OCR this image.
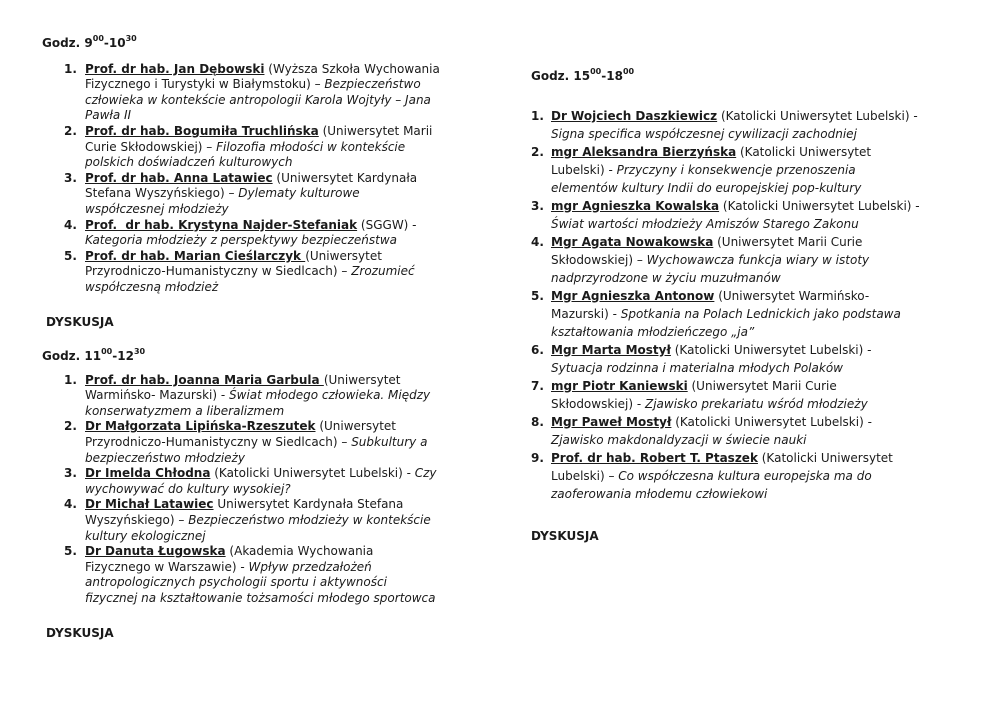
Godz. $9^{00}-10^{30}$

1. Prof. dr hab. Jan Dębowski (Wyższa Szkoła Wychowania Fizycznego i Turystyki w Białymstoku) – Bezpieczeństwo człowieka w kontekście antropologii Karola Wojtyły – Jana Pawła II
2. Prof. dr hab. Bogumiła Truchlińska (Uniwersytet Marii Curie Skłodowskiej) – Filozofia młodości w kontekście polskich doświadczeń kulturowych
3. Prof. dr hab. Anna Latawiec (Uniwersytet Kardynała Stefana Wyszyńskiego) – Dylematy kulturowe współczesnej młodzieży
4. Prof.  dr hab. Krystyna Najder-Stefaniak (SGGW) - Kategoria młodzieży z perspektywy bezpieczeństwa
5. Prof. dr hab. Marian Cieślarczyk (Uniwersytet Przyrodniczo-Humanistyczny w Siedlcach) – Zrozumieć współczesną młodzież

DYSKUSJA

Godz. $11^{00}-12^{30}$

1. Prof. dr hab. Joanna Maria Garbula (Uniwersytet Warmińsko- Mazurski) - Świat młodego człowieka. Między konserwatyzmem a liberalizmem
2. Dr Małgorzata Lipińska-Rzeszutek (Uniwersytet Przyrodniczo-Humanistyczny w Siedlcach) – Subkultury a bezpieczeństwo młodzieży
3. Dr Imelda Chłodna (Katolicki Uniwersytet Lubelski) - Czy wychowywać do kultury wysokiej?
4. Dr Michał Latawiec Uniwersytet Kardynała Stefana Wyszyńskiego) – Bezpieczeństwo młodzieży w kontekście kultury ekologicznej
5. Dr Danuta Ługowska (Akademia Wychowania Fizycznego w Warszawie) - Wpływ przedzałożeń antropologicznych psychologii sportu i aktywności fizycznej na kształtowanie tożsamości młodego sportowca

DYSKUSJA

Godz. $15^{00}-18^{00}$

1. Dr Wojciech Daszkiewicz (Katolicki Uniwersytet Lubelski) - Signa specifica współczesnej cywilizacji zachodniej
2. mgr Aleksandra Bierzyńska (Katolicki Uniwersytet Lubelski) - Przyczyny i konsekwencje przenoszenia elementów kultury Indii do europejskiej pop-kultury
3. mgr Agnieszka Kowalska (Katolicki Uniwersytet Lubelski) - Świat wartości młodzieży Amiszów Starego Zakonu
4. Mgr Agata Nowakowska (Uniwersytet Marii Curie Skłodowskiej) – Wychowawcza funkcja wiary w istoty nadprzyrodzone w życiu muzułmanów
5. Mgr Agnieszka Antonow (Uniwersytet Warmińsko-Mazurski) - Spotkania na Polach Lednickich jako podstawa kształtowania młodzieńczego „ja”
6. Mgr Marta Mostył (Katolicki Uniwersytet Lubelski) - Sytuacja rodzinna i materialna młodych Polaków
7. mgr Piotr Kaniewski (Uniwersytet Marii Curie Skłodowskiej) - Zjawisko prekariatu wśród młodzieży
8. Mgr Paweł Mostył (Katolicki Uniwersytet Lubelski) - Zjawisko makdonaldyzacji w świecie nauki
9. Prof. dr hab. Robert T. Ptaszek (Katolicki Uniwersytet Lubelski) – Co współczesna kultura europejska ma do zaoferowania młodemu człowiekowi

DYSKUSJA
